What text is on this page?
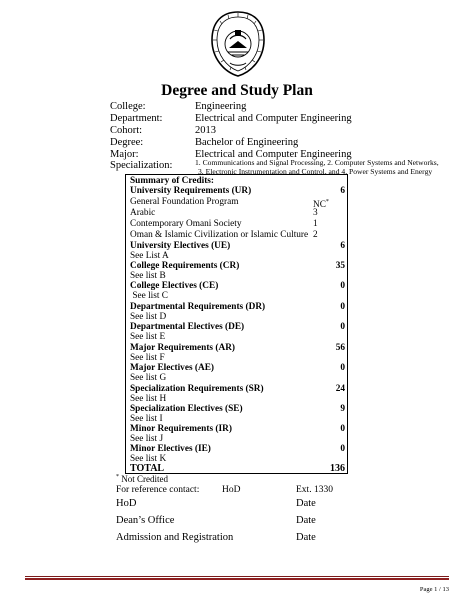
Degree and Study Plan
College:	Engineering
Department:	Electrical and Computer Engineering
Cohort:	2013
Degree:	Bachelor of Engineering
Major:	Electrical and Computer Engineering
Specialization:	1. Communications and Signal Processing, 2. Computer Systems and Networks,
3. Electronic Instrumentation and Control, and 4. Power Systems and Energy
Summary of Credits:
University Requirements (UR)	6
General Foundation Program	NC*
Arabic	3
Contemporary Omani Society	1
Oman & Islamic Civilization or Islamic Culture 2
University Electives (UE)	6
See List A
College Requirements (CR)	35
See list B
College Electives (CE)	0
See list C
Departmental Requirements (DR)	0
See list D
Departmental Electives (DE)	0
See list E
Major Requirements (AR)	56
See list F
Major Electives (AE)	0
See list G
Specialization Requirements (SR)	24
See list H
Specialization Electives (SE)	9
See list I
Minor Requirements (IR)	0
See list J
Minor Electives (IE)	0
See list K
TOTAL	136
* Not Credited
For reference contact: HoD	Ext. 1330
HoD	Date
Dean’s Office	Date
Admission and Registration	Date
Page 1 / 13
